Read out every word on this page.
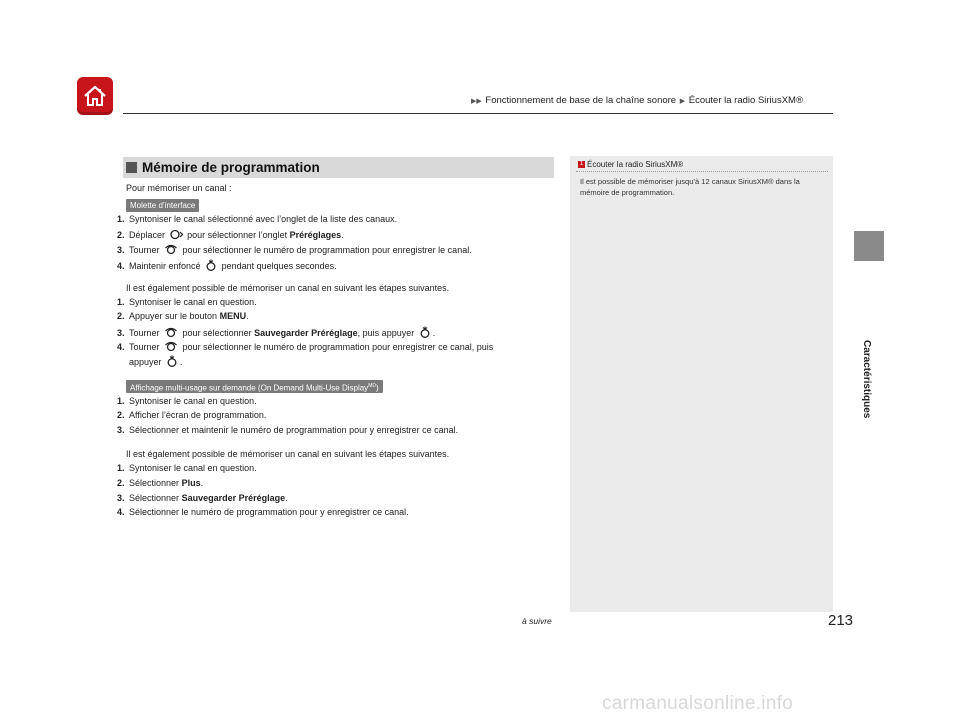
▶▶ Fonctionnement de base de la chaîne sonore ▶ Écouter la radio SiriusXM®
Caractéristiques
1 Écouter la radio SiriusXM®
Il est possible de mémoriser jusqu’à 12 canaux SiriusXM® dans la mémoire de programmation.
Mémoire de programmation
Pour mémoriser un canal :
Molette d’interface
1. Syntoniser le canal sélectionné avec l’onglet de la liste des canaux.
2. Déplacer pour sélectionner l’onglet Préréglages.
3. Tourner	pour sélectionner le numéro de programmation pour enregistrer le canal.
4. Maintenir enfoncé pendant quelques secondes.
Il est également possible de mémoriser un canal en suivant les étapes suivantes.
1. Syntoniser le canal en question.
2. Appuyer sur le bouton MENU.
3. Tourner	pour sélectionner Sauvegarder Préréglage, puis appuyer .
4. Tourner	pour sélectionner le numéro de programmation pour enregistrer ce canal, puis
appuyer .
Affichage multi-usage sur demande (On Demand Multi-Use Display$^{MD}$)
1. Syntoniser le canal en question.
2. Afficher l’écran de programmation.
3. Sélectionner et maintenir le numéro de programmation pour y enregistrer ce canal.
Il est également possible de mémoriser un canal en suivant les étapes suivantes.
1. Syntoniser le canal en question.
2. Sélectionner Plus.
3. Sélectionner Sauvegarder Préréglage.
4. Sélectionner le numéro de programmation pour y enregistrer ce canal.
à suivre	213
carmanualsonline.info
